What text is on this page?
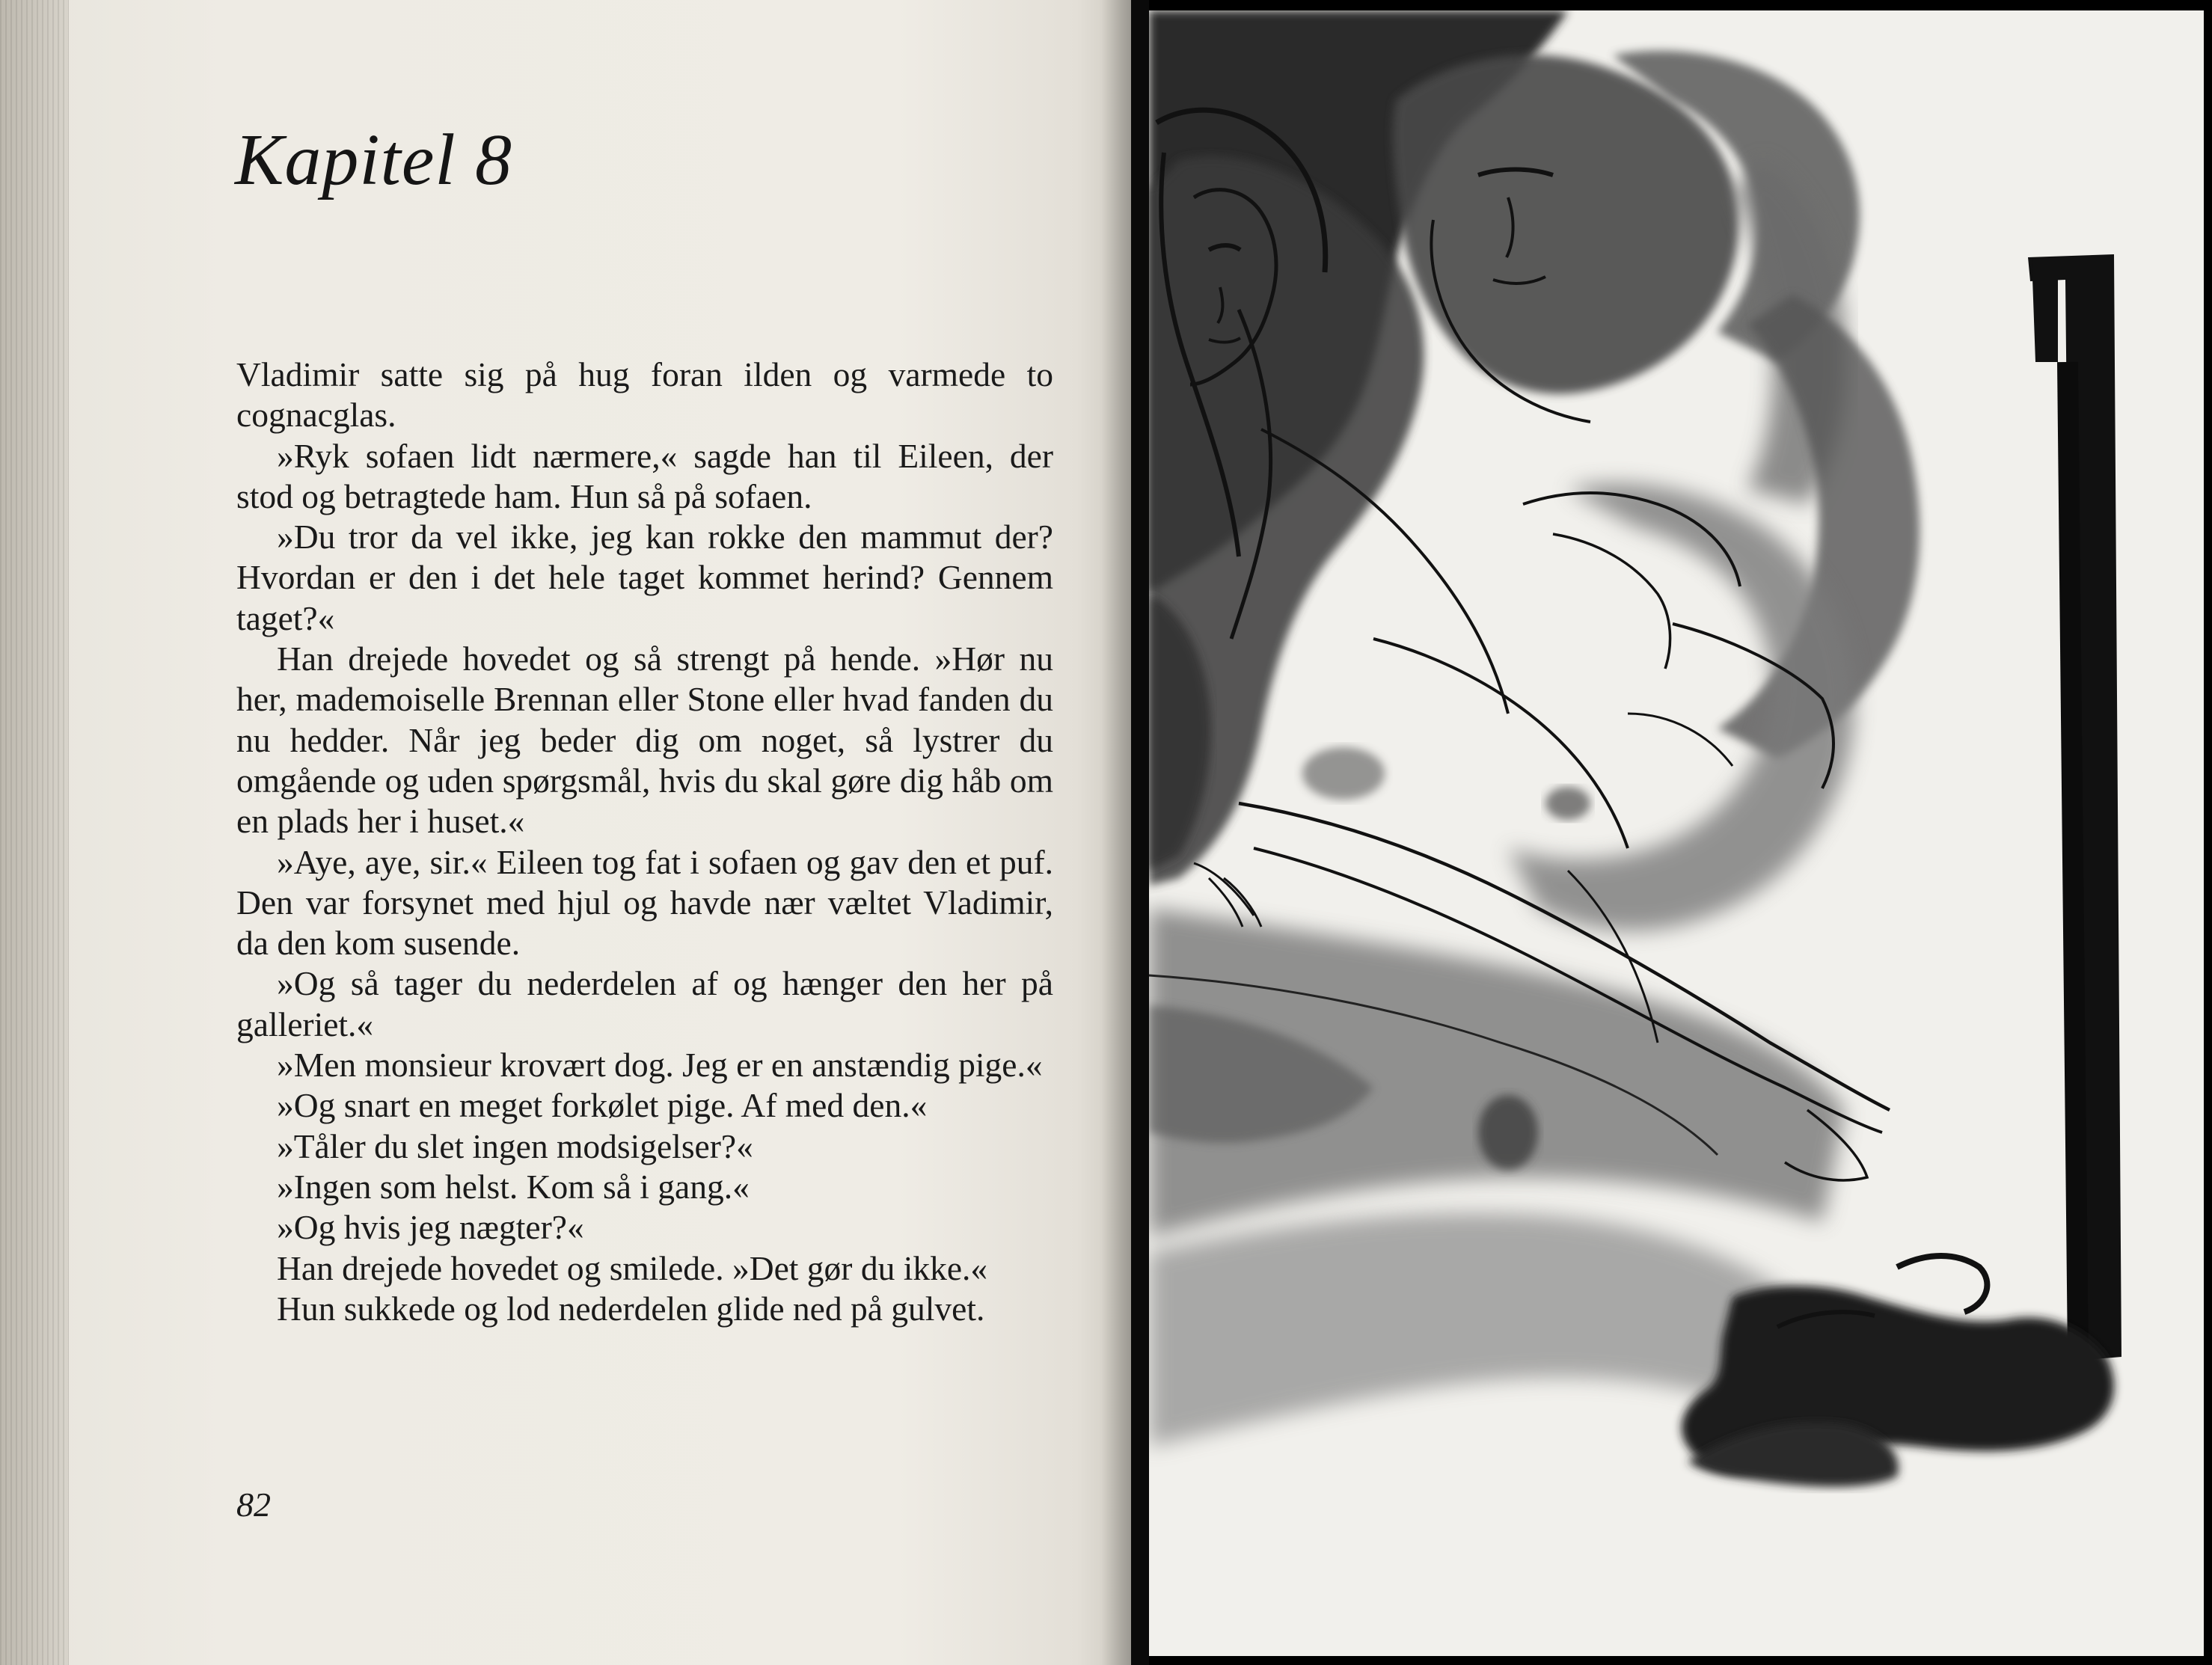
Kapitel 8

Vladimir satte sig på hug foran ilden og varmede to cognacglas.

»Ryk sofaen lidt nærmere,« sagde han til Eileen, der stod og betragtede ham. Hun så på sofaen.

»Du tror da vel ikke, jeg kan rokke den mammut der? Hvordan er den i det hele taget kommet herind? Gennem taget?«

Han drejede hovedet og så strengt på hende. »Hør nu her, mademoiselle Brennan eller Stone eller hvad fanden du nu hedder. Når jeg beder dig om noget, så lystrer du omgående og uden spørgsmål, hvis du skal gøre dig håb om en plads her i huset.«

»Aye, aye, sir.« Eileen tog fat i sofaen og gav den et puf. Den var forsynet med hjul og havde nær væltet Vladimir, da den kom susende.

»Og så tager du nederdelen af og hænger den her på galleriet.«

»Men monsieur krovært dog. Jeg er en anstændig pige.«

»Og snart en meget forkølet pige. Af med den.«

»Tåler du slet ingen modsigelser?«

»Ingen som helst. Kom så i gang.«

»Og hvis jeg nægter?«

Han drejede hovedet og smilede. »Det gør du ikke.«

Hun sukkede og lod nederdelen glide ned på gulvet.

82
